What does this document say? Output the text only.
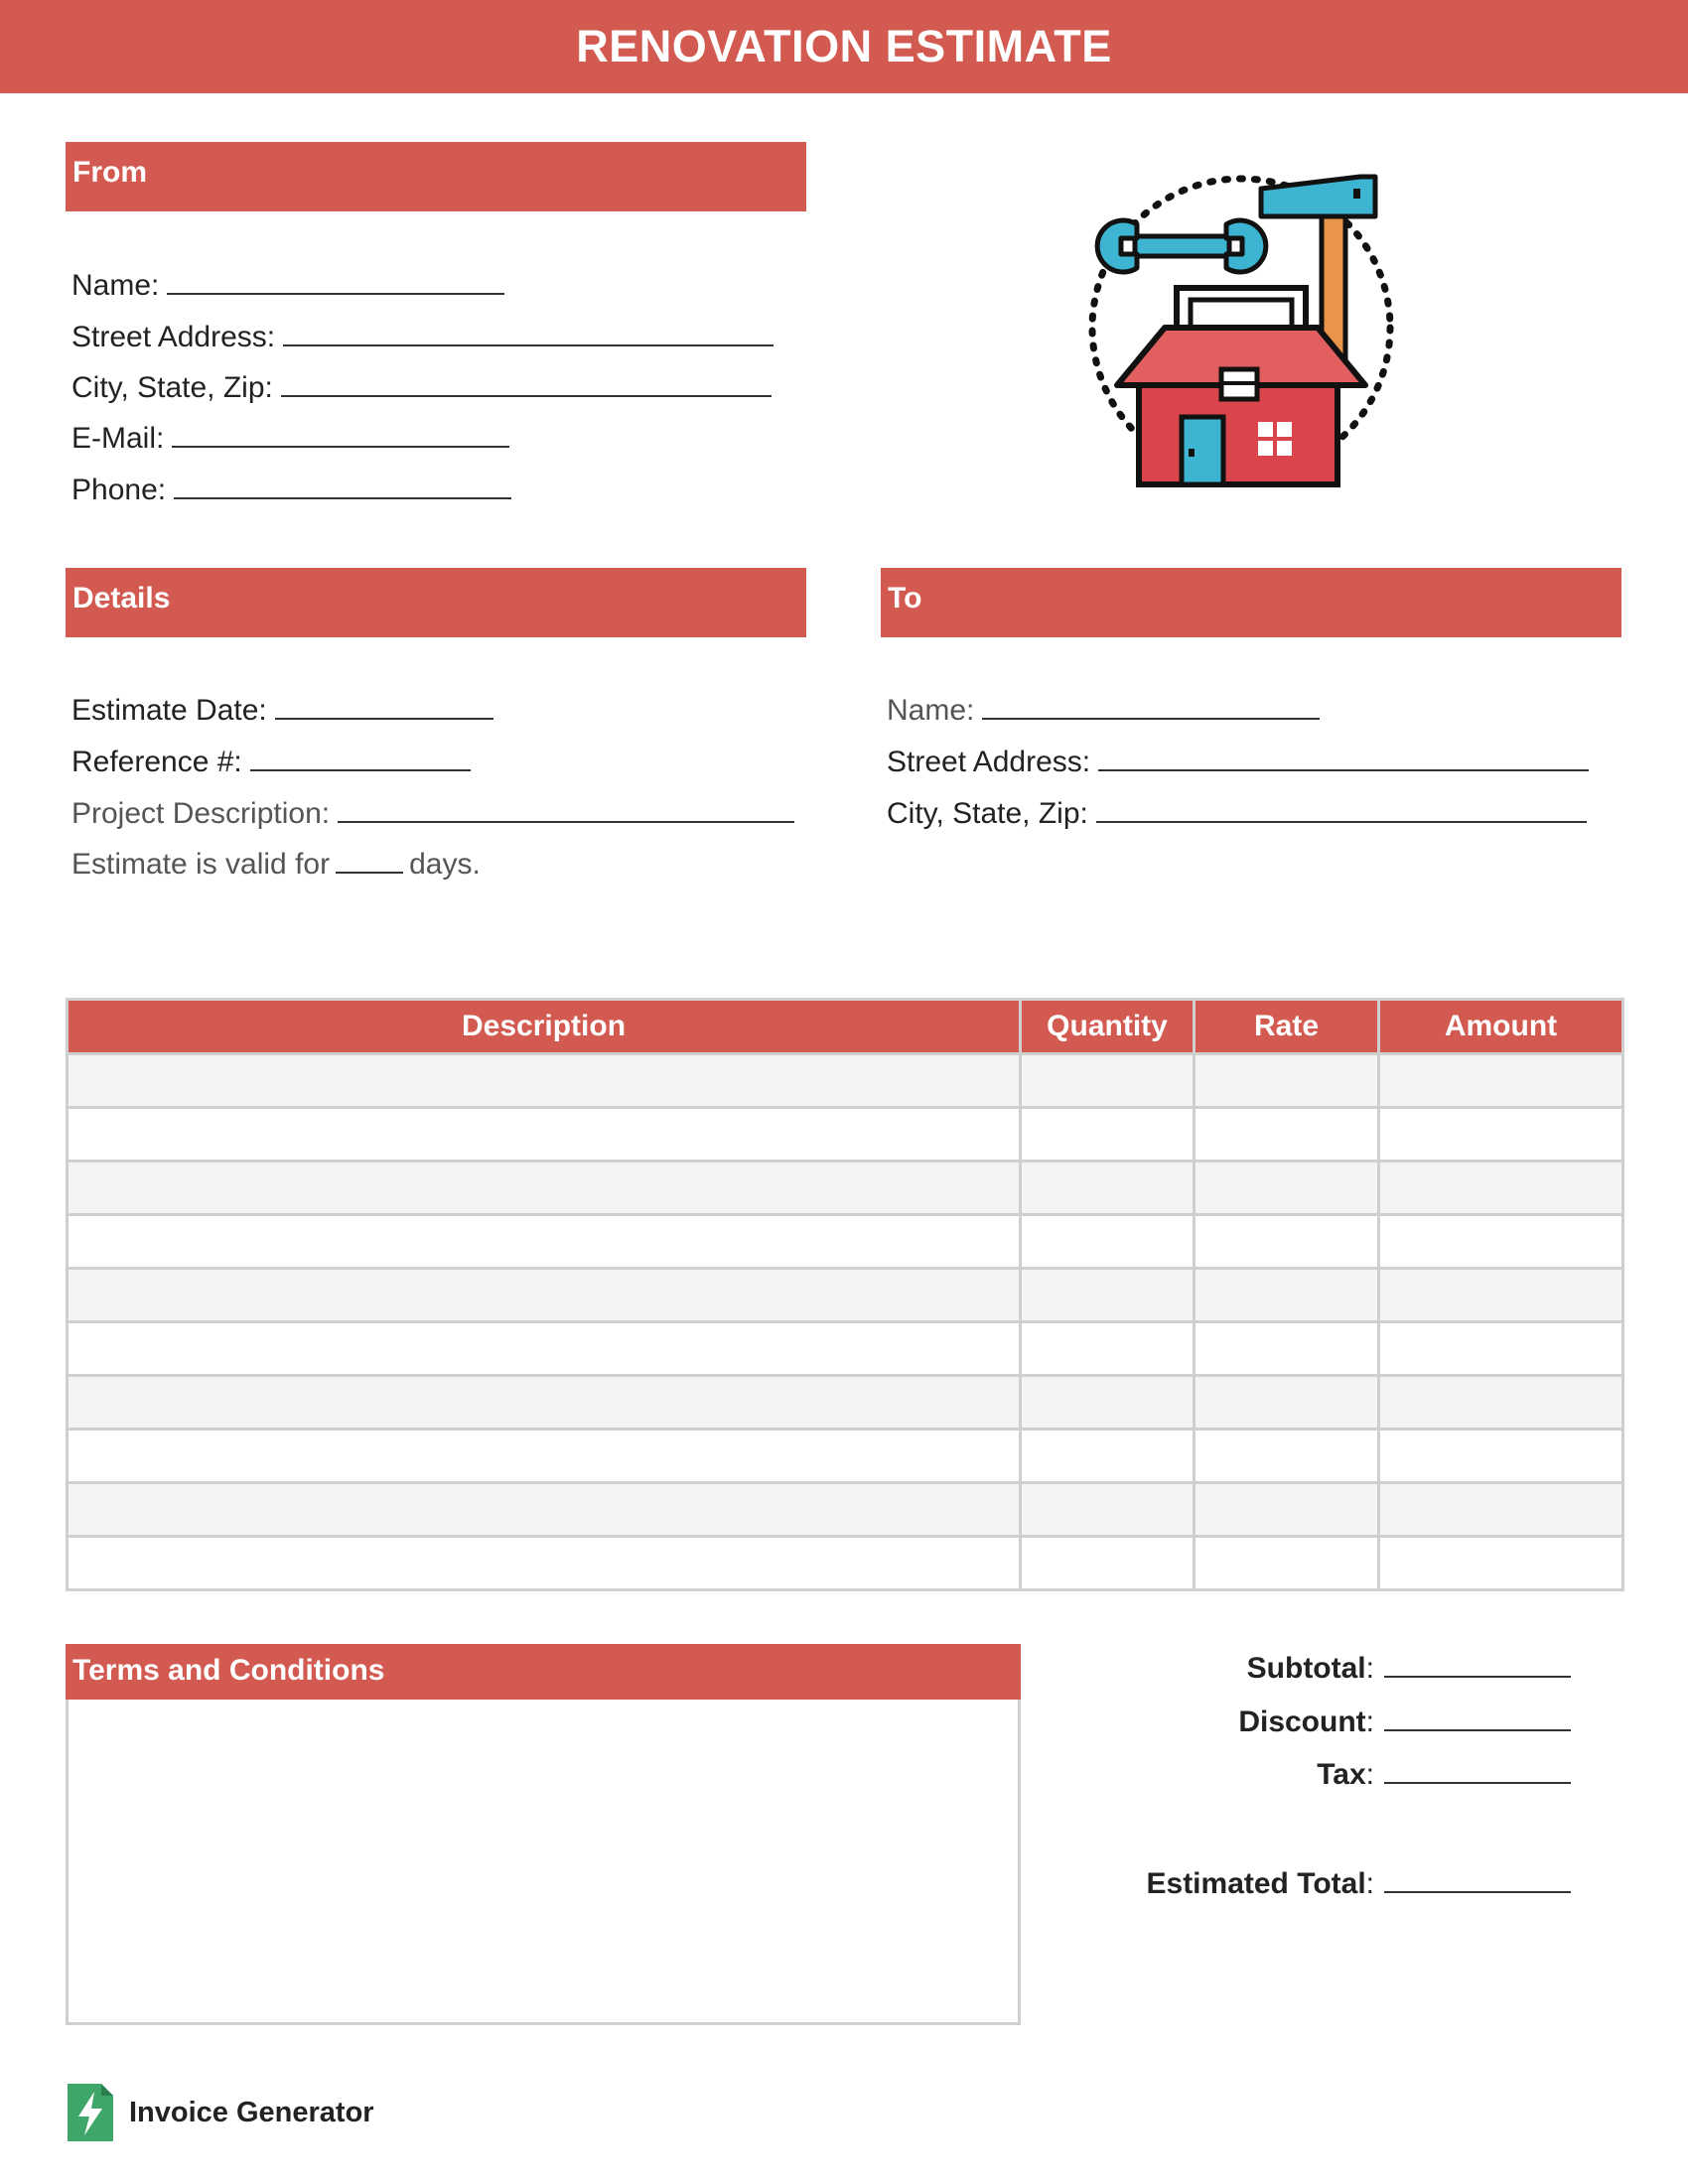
RENOVATION ESTIMATE
From
Name:
Street Address:
City, State, Zip:
E-Mail:
Phone:
Details
Estimate Date:
Reference #:
Project Description:
Estimate is valid for	days.
To
Name:
Street Address:
City, State, Zip:
Description	Quantity	Rate	Amount

Terms and Conditions	Subtotal:
Discount:
Tax:
Estimated Total:
Invoice Generator
